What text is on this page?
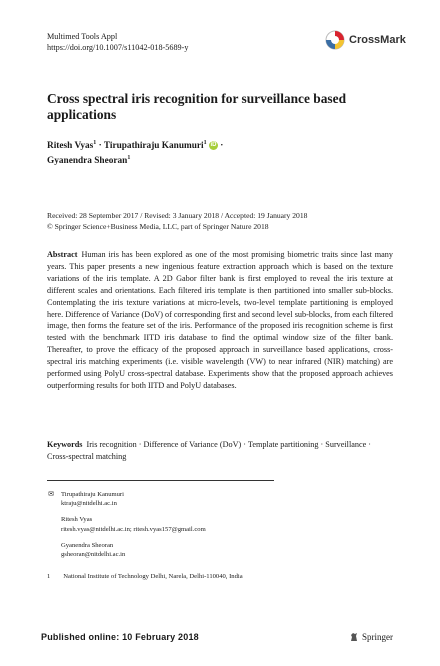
Multimed Tools Appl
https://doi.org/10.1007/s11042-018-5689-y
CrossMark
Cross spectral iris recognition for surveillance based applications
Ritesh Vyas$^1$ · Tirupathiraju Kanumuri$^1$ iD ·
Gyanendra Sheoran$^1$
Received: 28 September 2017 / Revised: 3 January 2018 / Accepted: 19 January 2018
© Springer Science+Business Media, LLC, part of Springer Nature 2018
Abstract Human iris has been explored as one of the most promising biometric traits since last many years. This paper presents a new ingenious feature extraction approach which is based on the texture variations of the iris template. A 2D Gabor filter bank is first employed to reveal the iris texture at different scales and orientations. Each filtered iris template is then partitioned into smaller sub-blocks. Contemplating the iris texture variations at micro-levels, two-level template partitioning is employed here. Difference of Variance (DoV) of corresponding first and second level sub-blocks, from each filtered image, then forms the feature set of the iris. Performance of the proposed iris recognition scheme is first tested with the benchmark IITD iris database to find the optimal window size of the filter bank. Thereafter, to prove the efficacy of the proposed approach in surveillance based applications, cross-spectral iris matching experiments (i.e. visible wavelength (VW) to near infrared (NIR) matching) are performed using PolyU cross-spectral database. Experiments show that the proposed approach achieves outperforming results for both IITD and PolyU databases.
Keywords Iris recognition · Difference of Variance (DoV) · Template partitioning · Surveillance · Cross-spectral matching
✉ Tirupathiraju Kanumuri
ktraju@nitdelhi.ac.in
Ritesh Vyas
ritesh.vyas@nitdelhi.ac.in; ritesh.vyas157@gmail.com
Gyanendra Sheoran
gsheoran@nitdelhi.ac.in
1 National Institute of Technology Delhi, Narela, Delhi-110040, India
Published online: 10 February 2018	Springer
